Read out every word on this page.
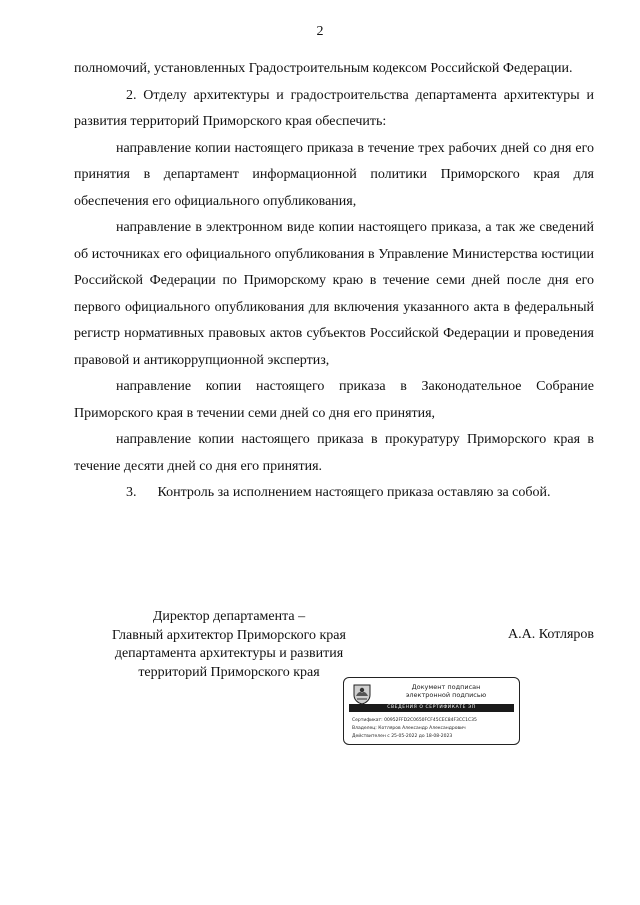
2

полномочий, установленных Градостроительным кодексом Российской Федерации.

2. Отделу архитектуры и градостроительства департамента архитектуры и развития территорий Приморского края обеспечить:

направление копии настоящего приказа в течение трех рабочих дней со дня его принятия в департамент информационной политики Приморского края для обеспечения его официального опубликования,

направление в электронном виде копии настоящего приказа, а так же сведений об источниках его официального опубликования в Управление Министерства юстиции Российской Федерации по Приморскому краю в течение семи дней после дня его первого официального опубликования для включения указанного акта в федеральный регистр нормативных правовых актов субъектов Российской Федерации и проведения правовой и антикоррупционной экспертиз,

направление копии настоящего приказа в Законодательное Собрание Приморского края в течении семи дней со дня его принятия,

направление копии настоящего приказа в прокуратуру Приморского края в течение десяти дней со дня его принятия.

3.      Контроль за исполнением настоящего приказа оставляю за собой.

Директор департамента –
Главный архитектор Приморского края
департамента архитектуры и развития
территорий Приморского края
А.А. Котляров
Документ подписан
электронной подписью
СВЕДЕНИЯ О СЕРТИФИКАТЕ ЭП
Сертификат: 00952FFD2C0650FCF45CEC84F3CC1C35
Владелец: Котляров Александр Александрович
Действителен с 25-05-2022 до 18-08-2023
